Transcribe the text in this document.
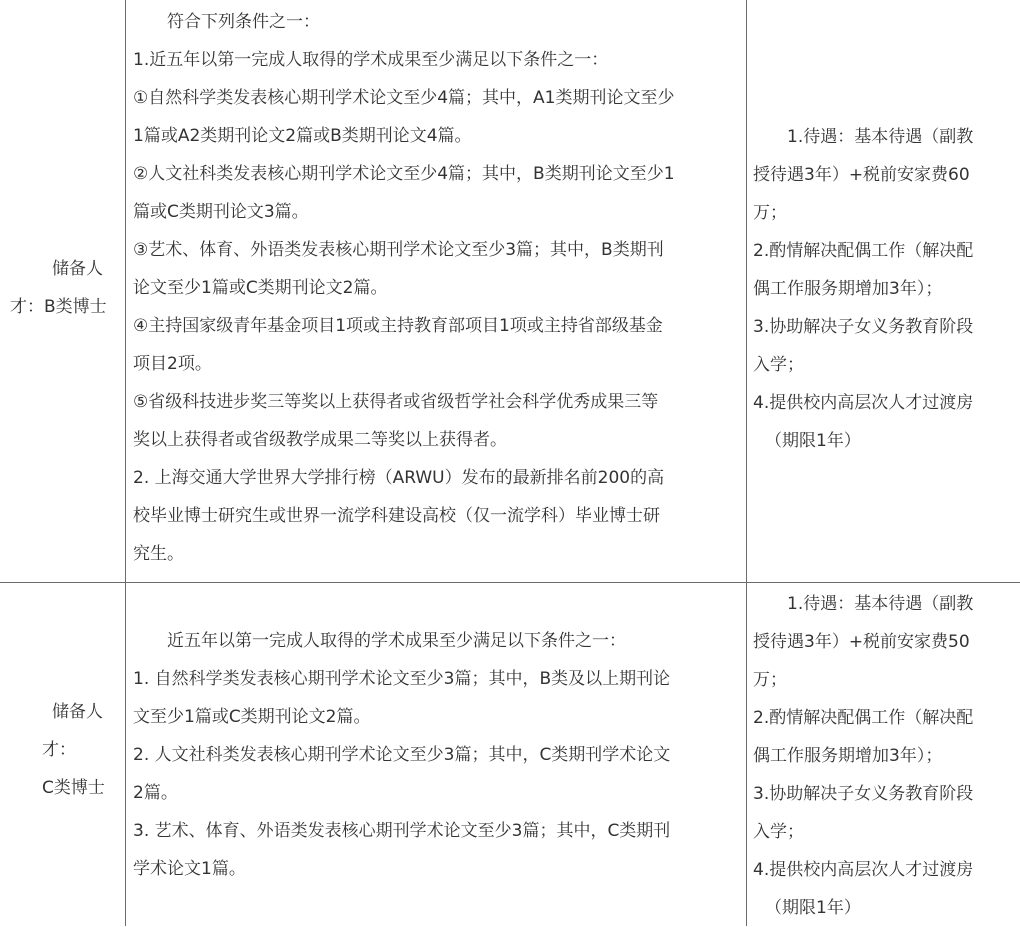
储备人
才：B类博士
符合下列条件之一：
1.近五年以第一完成人取得的学术成果至少满足以下条件之一：
①自然科学类发表核心期刊学术论文至少4篇；其中，A1类期刊论文至少
1篇或A2类期刊论文2篇或B类期刊论文4篇。
②人文社科类发表核心期刊学术论文至少4篇；其中，B类期刊论文至少1
篇或C类期刊论文3篇。
③艺术、体育、外语类发表核心期刊学术论文至少3篇；其中，B类期刊
论文至少1篇或C类期刊论文2篇。
④主持国家级青年基金项目1项或主持教育部项目1项或主持省部级基金
项目2项。
⑤省级科技进步奖三等奖以上获得者或省级哲学社会科学优秀成果三等
奖以上获得者或省级教学成果二等奖以上获得者。
2. 上海交通大学世界大学排行榜（ARWU）发布的最新排名前200的高
校毕业博士研究生或世界一流学科建设高校（仅一流学科）毕业博士研
究生。
1.待遇：基本待遇（副教
授待遇3年）+税前安家费60
万；
2.酌情解决配偶工作（解决配
偶工作服务期增加3年）；
3.协助解决子女义务教育阶段
入学；
4.提供校内高层次人才过渡房
（期限1年）
储备人
才：
C类博士
近五年以第一完成人取得的学术成果至少满足以下条件之一：
1. 自然科学类发表核心期刊学术论文至少3篇；其中，B类及以上期刊论
文至少1篇或C类期刊论文2篇。
2. 人文社科类发表核心期刊学术论文至少3篇；其中，C类期刊学术论文
2篇。
3. 艺术、体育、外语类发表核心期刊学术论文至少3篇；其中，C类期刊
学术论文1篇。
1.待遇：基本待遇（副教
授待遇3年）+税前安家费50
万；
2.酌情解决配偶工作（解决配
偶工作服务期增加3年）；
3.协助解决子女义务教育阶段
入学；
4.提供校内高层次人才过渡房
（期限1年）
